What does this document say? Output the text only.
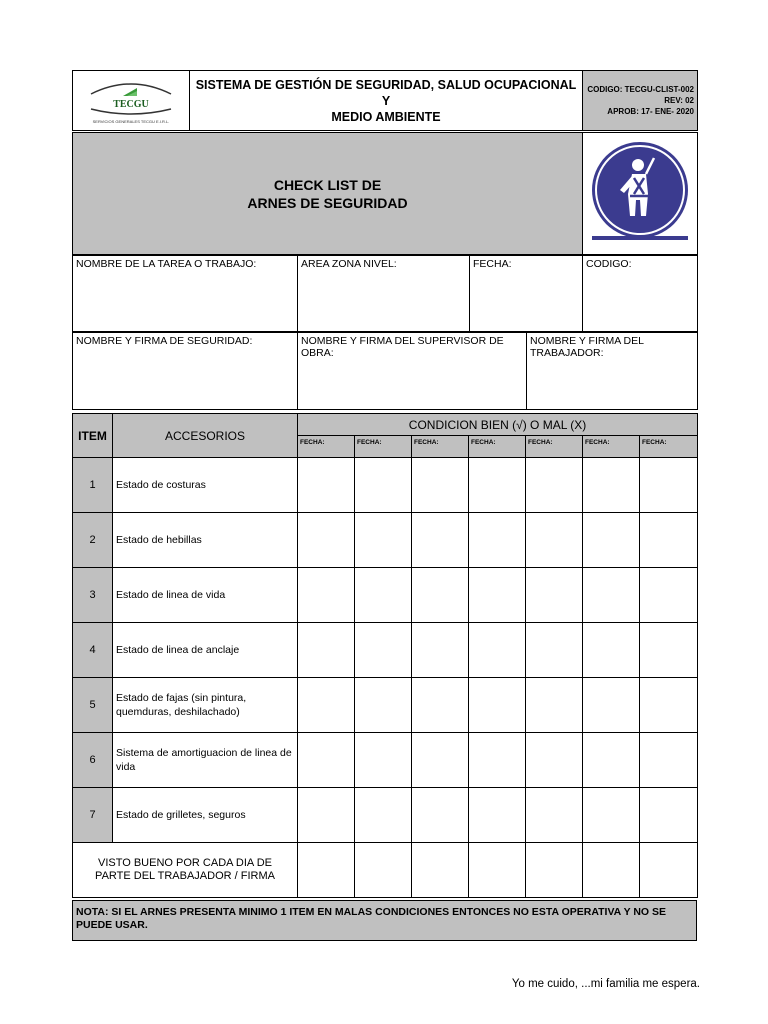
TECGU
SERVICIOS GENERALES TECGU E.I.R.L.

SISTEMA DE GESTIÓN DE SEGURIDAD, SALUD OCUPACIONAL Y
MEDIO AMBIENTE

CODIGO: TECGU-CLIST-002
REV: 02
APROB: 17- ENE- 2020
CHECK LIST DE
ARNES DE SEGURIDAD

NOMBRE DE LA TAREA O TRABAJO:	AREA ZONA NIVEL:	FECHA:	CODIGO:
NOMBRE Y FIRMA DE SEGURIDAD:	NOMBRE Y FIRMA DEL SUPERVISOR DE OBRA:	NOMBRE Y FIRMA DEL TRABAJADOR:
ITEM	ACCESORIOS	CONDICION BIEN (√) O MAL (X)						
		FECHA:	FECHA:	FECHA:	FECHA:	FECHA:	FECHA:	FECHA:
1	Estado de costuras							
2	Estado de hebillas							
3	Estado de linea de vida							
4	Estado de linea de anclaje							
5	Estado de fajas (sin pintura, quemduras, deshilachado)							
6	Sistema de amortiguacion de linea de vida							
7	Estado de grilletes, seguros							
VISTO BUENO POR CADA DIA DE PARTE DEL TRABAJADOR / FIRMA								
NOTA: SI EL ARNES PRESENTA MINIMO 1 ITEM EN MALAS CONDICIONES ENTONCES NO ESTA OPERATIVA Y NO SE PUEDE USAR.
Yo me cuido, ...mi familia me espera.
